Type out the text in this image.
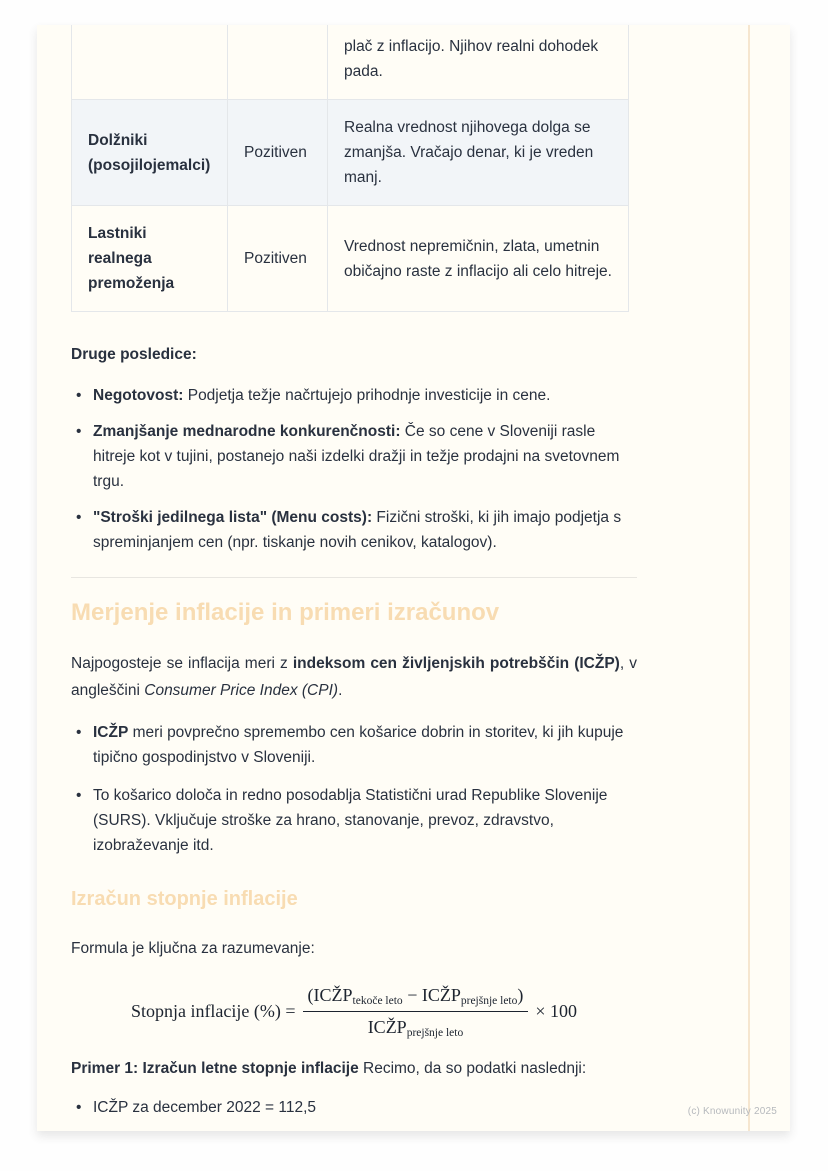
		plač z inflacijo. Njihov realni dohodek pada.
Dolžniki (posojilojemalci)	Pozitiven	Realna vrednost njihovega dolga se zmanjša. Vračajo denar, ki je vreden manj.
Lastniki realnega premoženja	Pozitiven	Vrednost nepremičnin, zlata, umetnin običajno raste z inflacijo ali celo hitreje.

Druge posledice:

• Negotovost: Podjetja težje načrtujejo prihodnje investicije in cene.
• Zmanjšanje mednarodne konkurenčnosti: Če so cene v Sloveniji rasle hitreje kot v tujini, postanejo naši izdelki dražji in težje prodajni na svetovnem trgu.
• "Stroški jedilnega lista" (Menu costs): Fizični stroški, ki jih imajo podjetja s spreminjanjem cen (npr. tiskanje novih cenikov, katalogov).
Merjenje inflacije in primeri izračunov

Najpogosteje se inflacija meri z indeksom cen življenjskih potrebščin (ICŽP), v angleščini Consumer Price Index (CPI).

• ICŽP meri povprečno spremembo cen košarice dobrin in storitev, ki jih kupuje tipično gospodinjstvo v Sloveniji.
• To košarico določa in redno posodablja Statistični urad Republike Slovenije (SURS). Vključuje stroške za hrano, stanovanje, prevoz, zdravstvo, izobraževanje itd.
Izračun stopnje inflacije

Formula je ključna za razumevanje:

Stopnja inflacije (%) = $\frac{(ICŽP_{tekoče leto} - ICŽP_{prejšnje leto})}{ICŽP_{prejšnje leto}} \times 100$

Primer 1: Izračun letne stopnje inflacije Recimo, da so podatki naslednji:

• ICŽP za december 2022 = 112,5	(c) Knowunity 2025
